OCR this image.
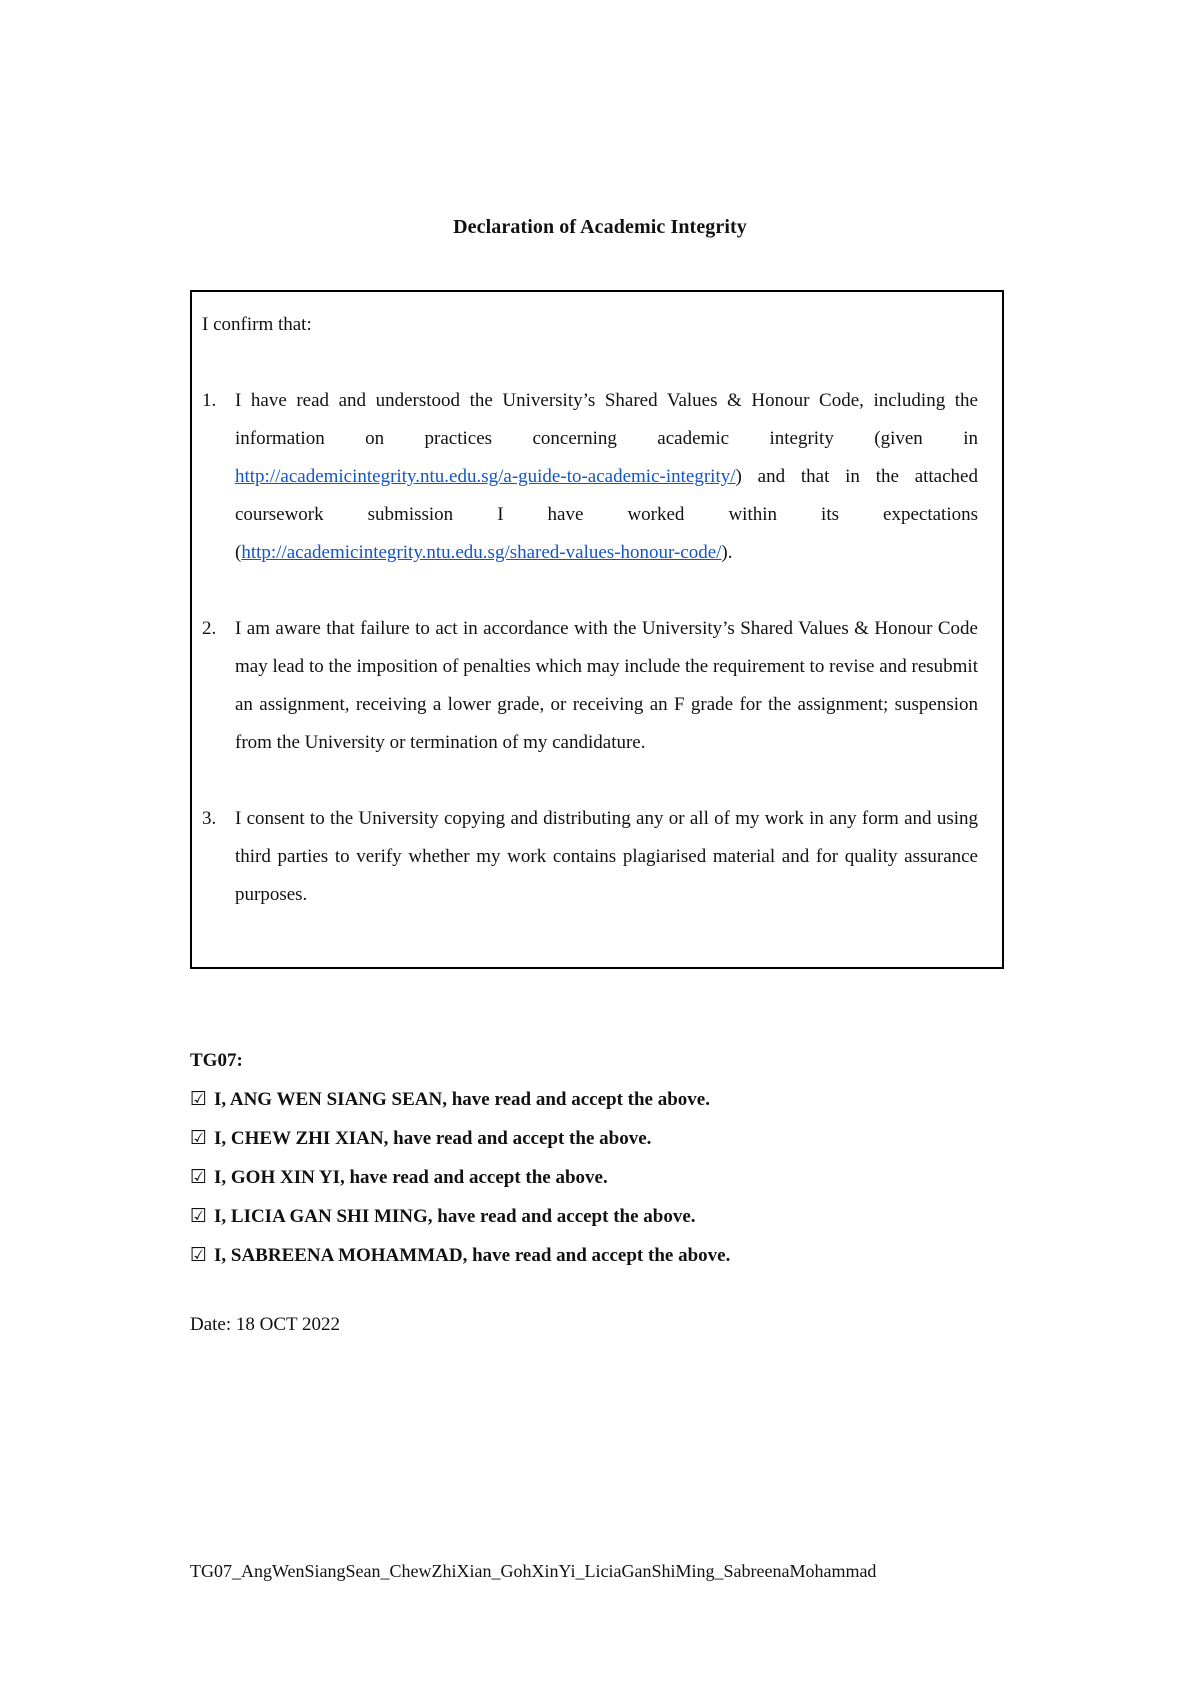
Declaration of Academic Integrity

I confirm that:

1. I have read and understood the University’s Shared Values & Honour Code, including the information on practices concerning academic integrity (given in http://academicintegrity.ntu.edu.sg/a-guide-to-academic-integrity/) and that in the attached coursework submission I have worked within its expectations (http://academicintegrity.ntu.edu.sg/shared-values-honour-code/).
2. I am aware that failure to act in accordance with the University’s Shared Values & Honour Code may lead to the imposition of penalties which may include the requirement to revise and resubmit an assignment, receiving a lower grade, or receiving an F grade for the assignment; suspension from the University or termination of my candidature.
3. I consent to the University copying and distributing any or all of my work in any form and using third parties to verify whether my work contains plagiarised material and for quality assurance purposes.
TG07:
☑ I, ANG WEN SIANG SEAN, have read and accept the above.
☑ I, CHEW ZHI XIAN, have read and accept the above.
☑ I, GOH XIN YI, have read and accept the above.
☑ I, LICIA GAN SHI MING, have read and accept the above.
☑ I, SABREENA MOHAMMAD, have read and accept the above.
Date: 18 OCT 2022
TG07_AngWenSiangSean_ChewZhiXian_GohXinYi_LiciaGanShiMing_SabreenaMohammad
